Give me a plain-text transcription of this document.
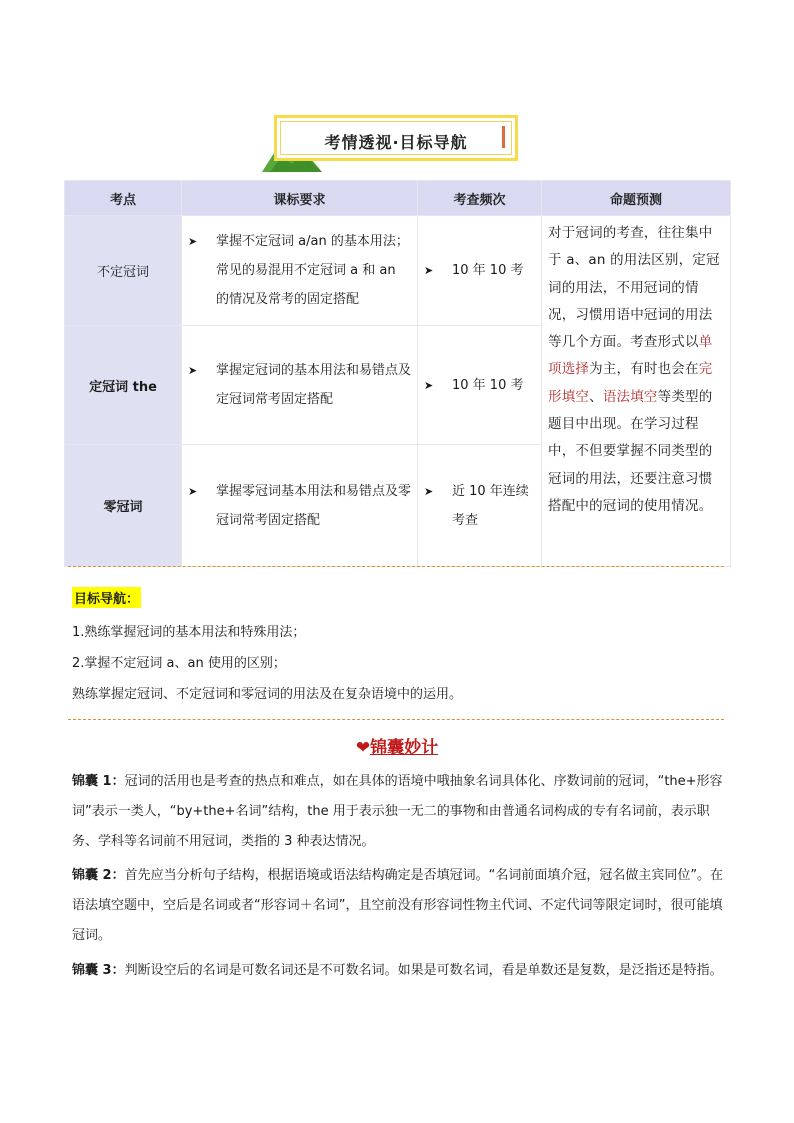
考情透视·目标导航
考点	课标要求	考查频次	命题预测
不定冠词	➤ 掌握不定冠词 a/an 的基本用法；常见的易混用不定冠词 a 和 an 的情况及常考的固定搭配	➤ 10 年 10 考	对于冠词的考查，往往集中于 a、an 的用法区别，定冠词的用法，不用冠词的情况，习惯用语中冠词的用法等几个方面。考查形式以单项选择为主，有时也会在完形填空、语法填空等类型的题目中出现。在学习过程中，不但要掌握不同类型的冠词的用法，还要注意习惯搭配中的冠词的使用情况。
定冠词 the	➤ 掌握定冠词的基本用法和易错点及定冠词常考固定搭配	➤ 10 年 10 考	

零冠词	➤ 掌握零冠词基本用法和易错点及零冠词常考固定搭配	➤ 近 10 年连续考查	
目标导航：
1.熟练掌握冠词的基本用法和特殊用法；
2.掌握不定冠词 a、an 使用的区别；
熟练掌握定冠词、不定冠词和零冠词的用法及在复杂语境中的运用。
❤锦囊妙计
锦囊 1：冠词的活用也是考查的热点和难点，如在具体的语境中哦抽象名词具体化、序数词前的冠词，“the+形容词”表示一类人，“by+the+名词”结构，the 用于表示独一无二的事物和由普通名词构成的专有名词前，表示职务、学科等名词前不用冠词，类指的 3 种表达情况。
锦囊 2：首先应当分析句子结构，根据语境或语法结构确定是否填冠词。“名词前面填介冠，冠名做主宾同位”。在语法填空题中，空后是名词或者“形容词＋名词”，且空前没有形容词性物主代词、不定代词等限定词时，很可能填冠词。
锦囊 3：判断设空后的名词是可数名词还是不可数名词。如果是可数名词，看是单数还是复数，是泛指还是特指。
